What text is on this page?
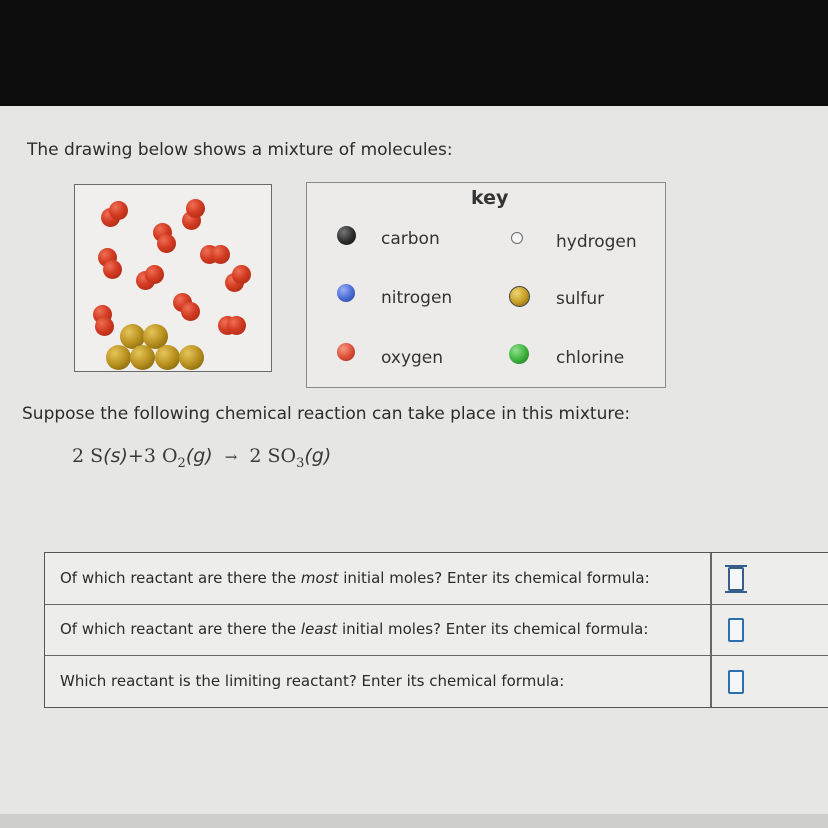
The drawing below shows a mixture of molecules:
key
carbon	hydrogen
nitrogen	sulfur
oxygen	chlorine
Suppose the following chemical reaction can take place in this mixture:
2 S(s)+3 $O_2(g) \to 2$ $SO_3(g)$
Of which reactant are there the most initial moles? Enter its chemical formula:
Of which reactant are there the least initial moles? Enter its chemical formula:
Which reactant is the limiting reactant? Enter its chemical formula:
